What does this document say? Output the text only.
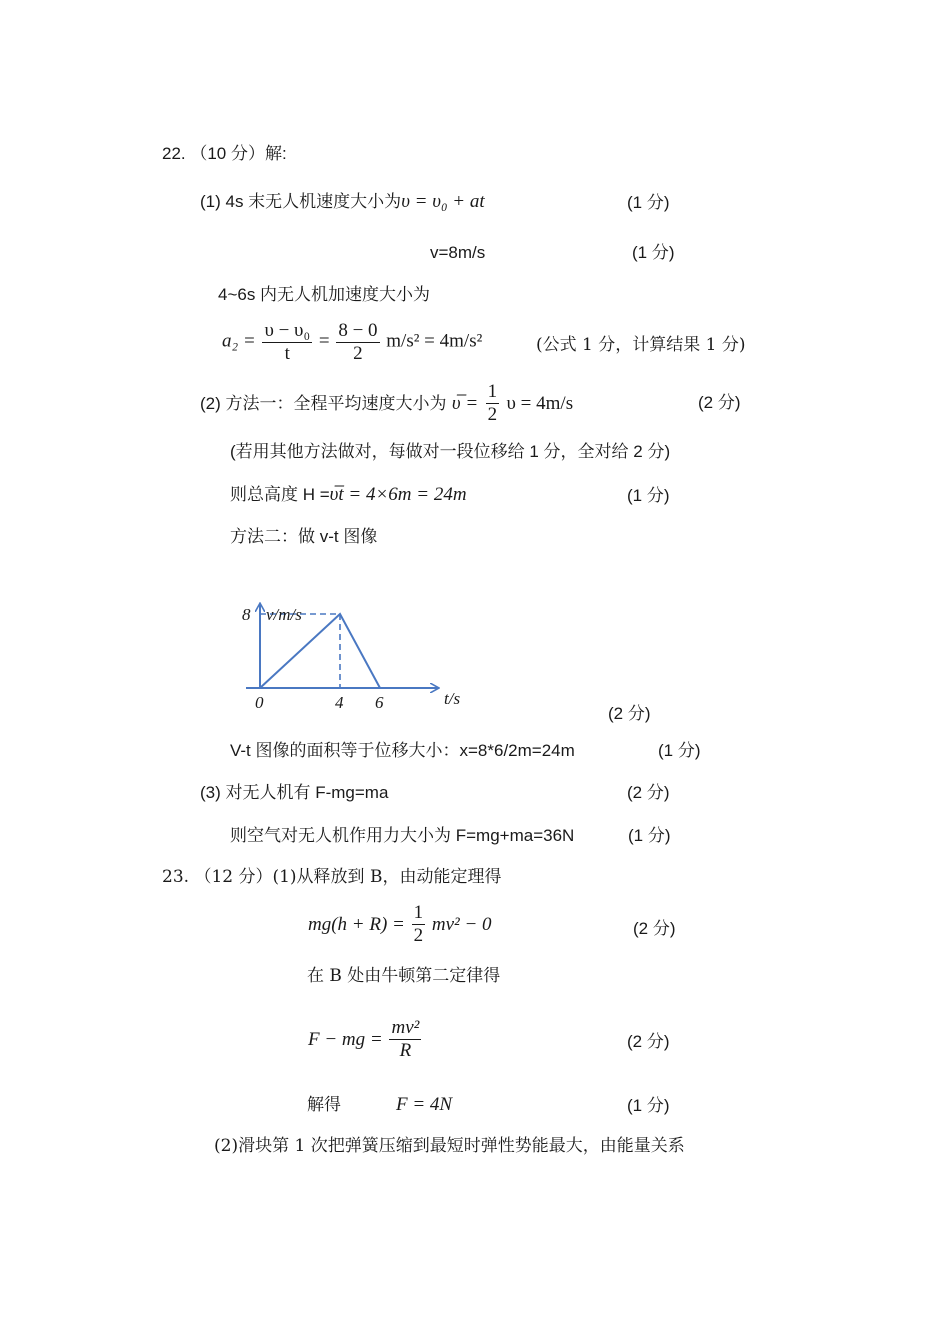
22. （10 分）解:
(1) 4s 末无人机速度大小为υ = υ₀ + at	(1 分)
v=8m/s	(1 分)
4~6s 内无人机加速度大小为
$a_2 = \frac{\text{υ − υ₀}}{t} = \frac{8 - 0}{2} m/s^2 = 4m/s^2$	(公式 1 分，计算结果 1 分)
(2) 方法一：全程平均速度大小为 υ̅ = $\frac{1}{2}$ υ = 4m/s	(2 分)
(若用其他方法做对，每做对一段位移给 1 分，全对给 2 分)
则总高度 H =υ̅t = 4×6m = 24m	(1 分)
方法二：做 v-t 图像
v/m/s
t/s
0	4 6
8
(2 分)
V-t 图像的面积等于位移大小：x=8*6/2m=24m	(1 分)
(3) 对无人机有 F-mg=ma	(2 分)
则空气对无人机作用力大小为 F=mg+ma=36N	(1 分)
23. （12 分）(1)从释放到 B，由动能定理得
$mg(h + R) = \frac{1}{2} mv^2 - 0$	(2 分)
在 B 处由牛顿第二定律得
F − mg = $\frac{\text{mv²}}{R}$	(2 分)
解得	F = 4N	(1 分)
(2)滑块第 1 次把弹簧压缩到最短时弹性势能最大，由能量关系
